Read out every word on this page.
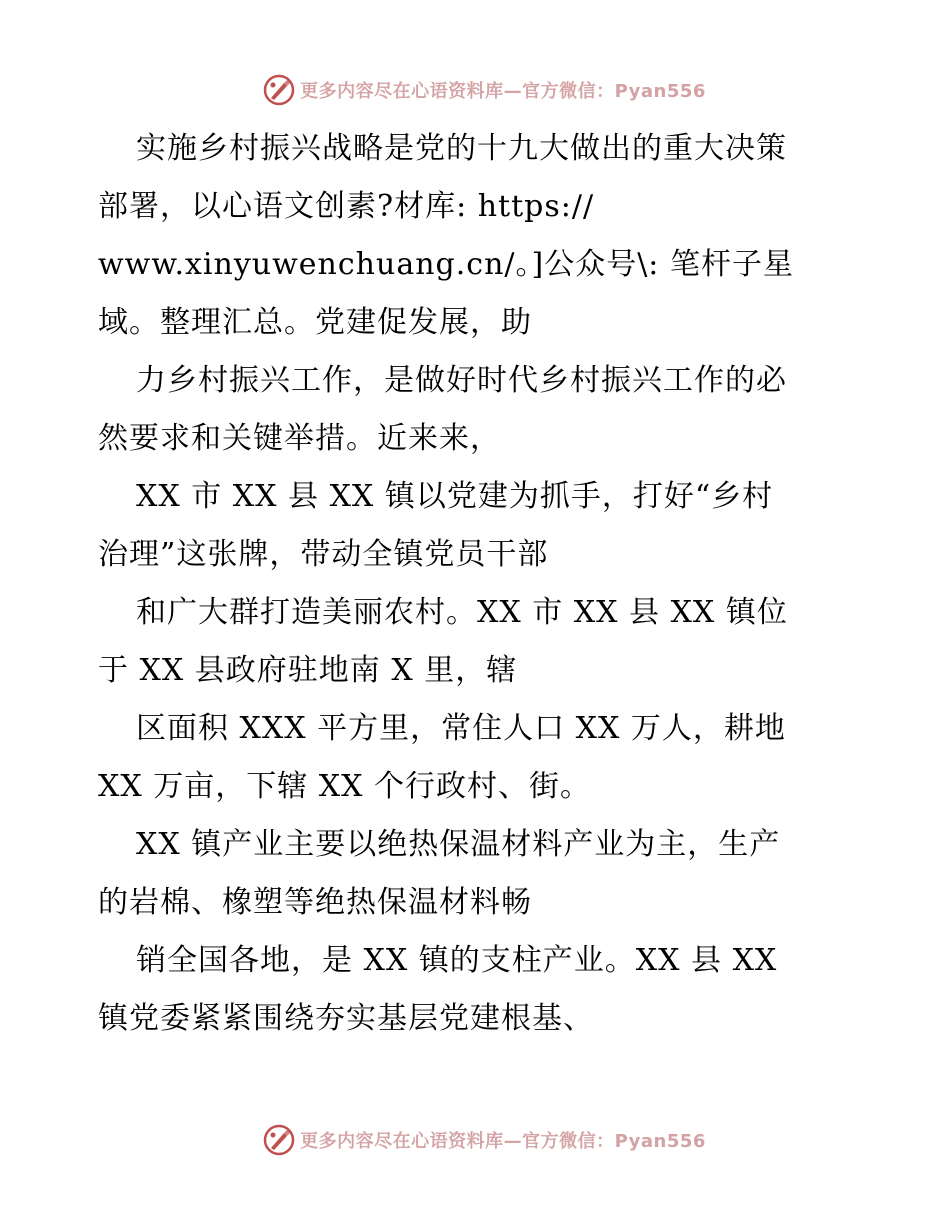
更多内容尽在心语资料库—官方微信：Pyan556
实施乡村振兴战略是党的十九大做出的重大决策
部署，以心语文创素?材库: https://
www.xinyuwenchuang.cn/。]公众号\: 笔杆子星
域。整理汇总。党建促发展，助
力乡村振兴工作，是做好时代乡村振兴工作的必
然要求和关键举措。近来来，
XX 市 XX 县 XX 镇以党建为抓手，打好“乡村
治理”这张牌，带动全镇党员干部
和广大群打造美丽农村。XX 市 XX 县 XX 镇位
于 XX 县政府驻地南 X 里，辖
区面积 XXX 平方里，常住人口 XX 万人，耕地
XX 万亩，下辖 XX 个行政村、街。
XX 镇产业主要以绝热保温材料产业为主，生产
的岩棉、橡塑等绝热保温材料畅
销全国各地，是 XX 镇的支柱产业。XX 县 XX
镇党委紧紧围绕夯实基层党建根基、
更多内容尽在心语资料库—官方微信：Pyan556
